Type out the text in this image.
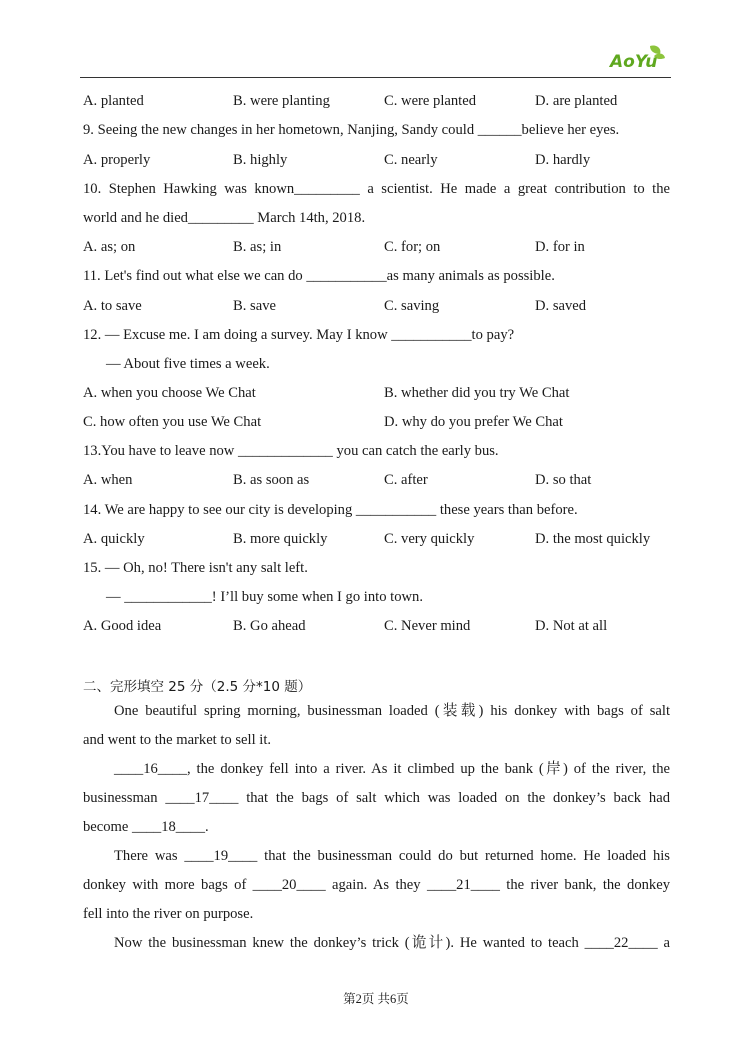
AoYu
A. planted	B. were planting	C. were planted	D. are planted
9. Seeing the new changes in her hometown, Nanjing, Sandy could ______believe her eyes.
A. properly	B. highly	C. nearly	D. hardly
10. Stephen Hawking was known_________ a scientist. He made a great contribution to the
world and he died_________ March 14th, 2018.
A. as; on	B. as; in	C. for; on	D. for in
11. Let's find out what else we can do ___________as many animals as possible.
A. to save	B. save	C. saving	D. saved
12. — Excuse me. I am doing a survey. May I know ___________to pay?
— About five times a week.
A. when you choose We Chat	B. whether did you try We Chat
C. how often you use We Chat	D. why do you prefer We Chat
13.You have to leave now _____________ you can catch the early bus.
A. when	B. as soon as	C. after	D. so that
14. We are happy to see our city is developing ___________ these years than before.
A. quickly	B. more quickly	C. very quickly	D. the most quickly
15. — Oh, no! There isn't any salt left.
— ____________! I’ll buy some when I go into town.
A. Good idea	B. Go ahead	C. Never mind	D. Not at all
二、完形填空 25 分（2.5 分*10 题）
One beautiful spring morning, businessman loaded (装载) his donkey with bags of salt
and went to the market to sell it.
____16____, the donkey fell into a river. As it climbed up the bank (岸) of the river, the
businessman ____17____ that the bags of salt which was loaded on the donkey’s back had
become ____18____.
There was ____19____ that the businessman could do but returned home. He loaded his
donkey with more bags of ____20____ again. As they ____21____ the river bank, the donkey
fell into the river on purpose.
Now the businessman knew the donkey’s trick (诡计). He wanted to teach ____22____ a
第2页 共6页
